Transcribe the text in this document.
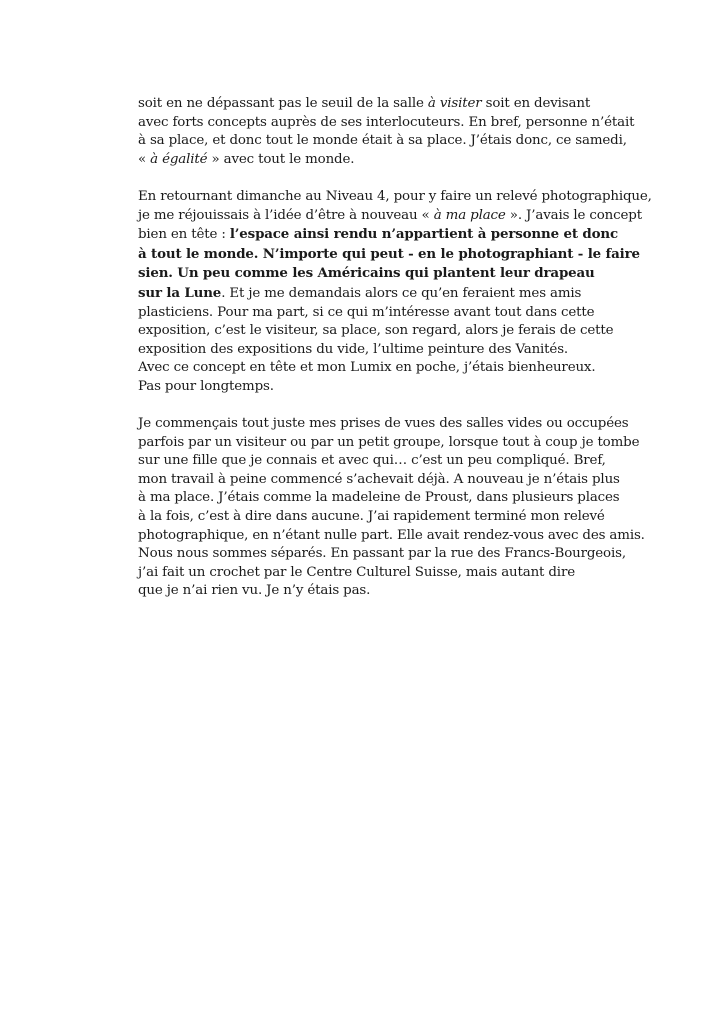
soit en ne dépassant pas le seuil de la salle à visiter soit en devisant
avec forts concepts auprès de ses interlocuteurs. En bref, personne n’était
à sa place, et donc tout le monde était à sa place. J’étais donc, ce samedi,
« à égalité » avec tout le monde.
En retournant dimanche au Niveau 4, pour y faire un relevé photographique,
je me réjouissais à l’idée d’être à nouveau « à ma place ». J’avais le concept
bien en tête : l’espace ainsi rendu n’appartient à personne et donc
à tout le monde. N’importe qui peut - en le photographiant - le faire
sien. Un peu comme les Américains qui plantent leur drapeau
sur la Lune. Et je me demandais alors ce qu’en feraient mes amis
plasticiens. Pour ma part, si ce qui m’intéresse avant tout dans cette
exposition, c’est le visiteur, sa place, son regard, alors je ferais de cette
exposition des expositions du vide, l’ultime peinture des Vanités.
Avec ce concept en tête et mon Lumix en poche, j’étais bienheureux.
Pas pour longtemps.
Je commençais tout juste mes prises de vues des salles vides ou occupées
parfois par un visiteur ou par un petit groupe, lorsque tout à coup je tombe
sur une fille que je connais et avec qui… c’est un peu compliqué. Bref,
mon travail à peine commencé s’achevait déjà. A nouveau je n’étais plus
à ma place. J’étais comme la madeleine de Proust, dans plusieurs places
à la fois, c’est à dire dans aucune. J’ai rapidement terminé mon relevé
photographique, en n’étant nulle part. Elle avait rendez-vous avec des amis.
Nous nous sommes séparés. En passant par la rue des Francs-Bourgeois,
j’ai fait un crochet par le Centre Culturel Suisse, mais autant dire
que je n’ai rien vu. Je n’y étais pas.
